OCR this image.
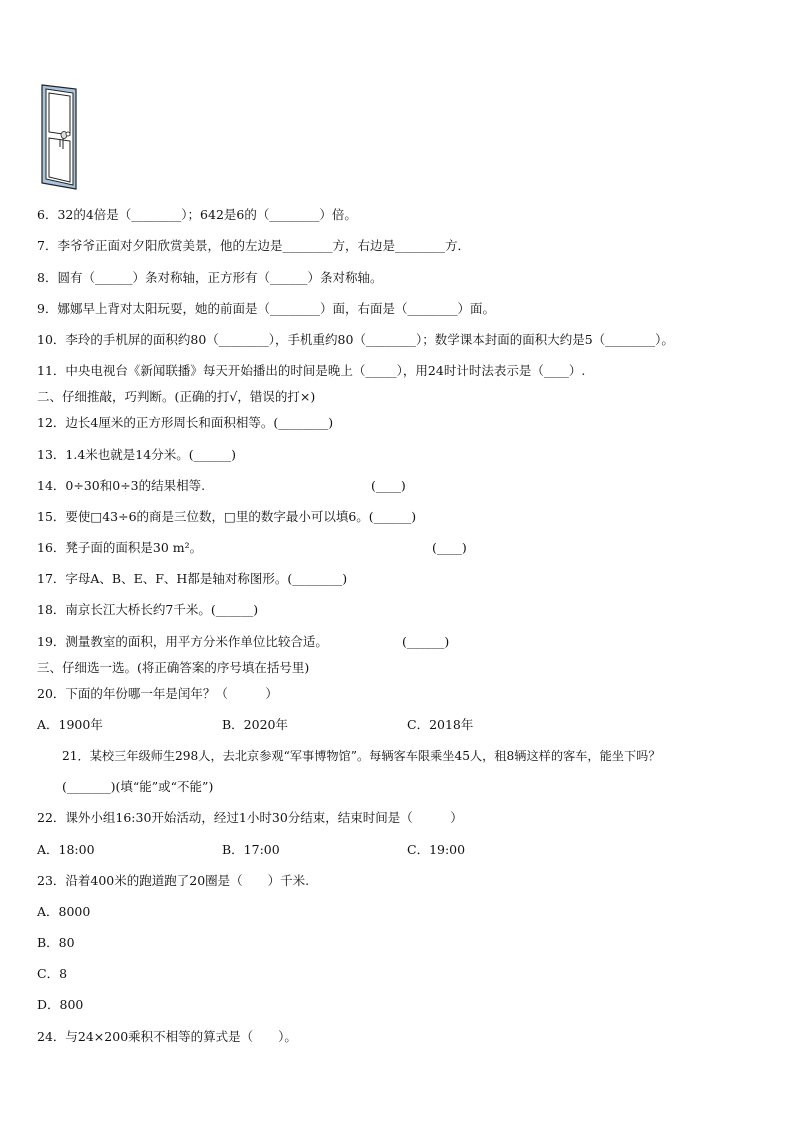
6．32的4倍是（________）；642是6的（________）倍。
7．李爷爷正面对夕阳欣赏美景，他的左边是________方，右边是________方．
8．圆有（______）条对称轴，正方形有（______）条对称轴。
9．娜娜早上背对太阳玩耍，她的前面是（________）面，右面是（________）面。
10．李玲的手机屏的面积约80（________），手机重约80（________）；数学课本封面的面积大约是5（________）。
11．中央电视台《新闻联播》每天开始播出的时间是晚上（_____），用24时计时法表示是（____）.
二、仔细推敲，巧判断。(正确的打√，错误的打×)
12．边长4厘米的正方形周长和面积相等。(________)
13．1.4米也就是14分米。(______)
14．0÷30和0÷3的结果相等.	(____)
15．要使□43÷6的商是三位数，□里的数字最小可以填6。(______)
16．凳子面的面积是30 m²。	(____)
17．字母A、B、E、F、H都是轴对称图形。(________)
18．南京长江大桥长约7千米。(______)
19．测量教室的面积，用平方分米作单位比较合适。	(______)
三、仔细选一选。(将正确答案的序号填在括号里)
20．下面的年份哪一年是闰年？（　　　）
A．1900年	B．2020年	C．2018年
21．某校三年级师生298人，去北京参观“军事博物馆”。每辆客车限乘坐45人，租8辆这样的客车，能坐下吗？
(_______)(填“能”或“不能”)
22．课外小组16:30开始活动，经过1小时30分结束，结束时间是（　　　）
A．18:00	B．17:00	C．19:00
23．沿着400米的跑道跑了20圈是（　　）千米.
A．8000
B．80
C．8
D．800
24．与24×200乘积不相等的算式是（　　）。
